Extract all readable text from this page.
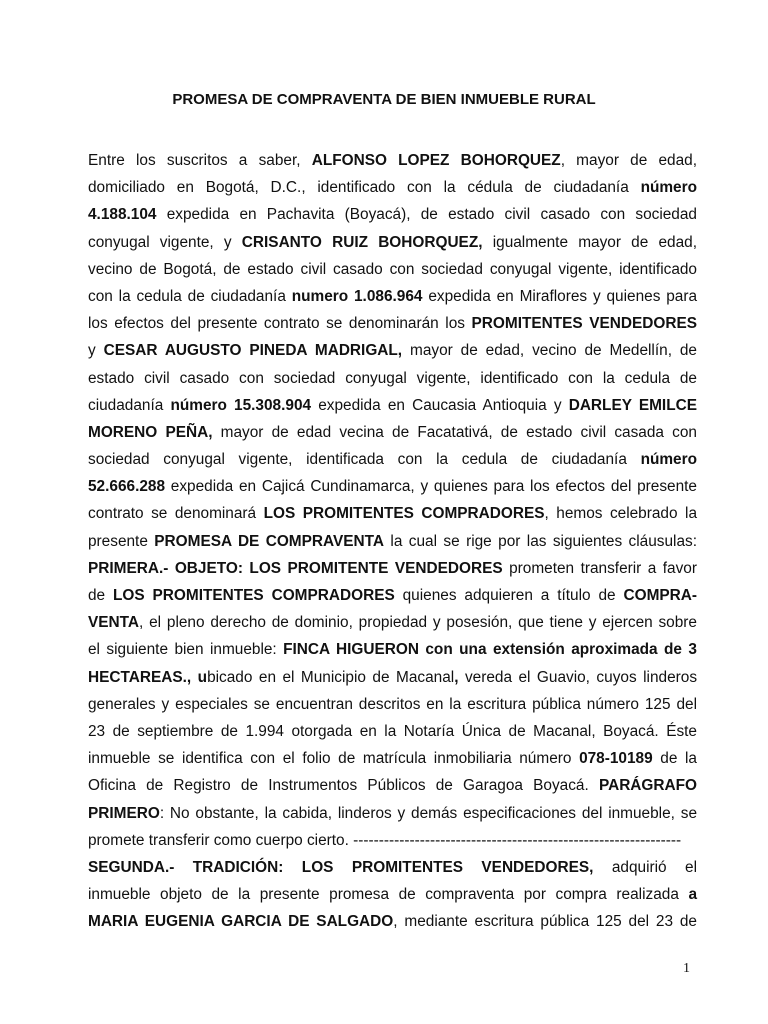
PROMESA DE COMPRAVENTA DE BIEN INMUEBLE RURAL
Entre los suscritos a saber, ALFONSO LOPEZ BOHORQUEZ, mayor de edad,
domiciliado en Bogotá, D.C., identificado con la cédula de ciudadanía número
4.188.104 expedida en Pachavita (Boyacá), de estado civil casado con sociedad
conyugal vigente, y CRISANTO RUIZ BOHORQUEZ, igualmente mayor de edad,
vecino de Bogotá, de estado civil casado con sociedad conyugal vigente, identificado
con la cedula de ciudadanía numero 1.086.964 expedida en Miraflores y quienes para
los efectos del presente contrato se denominarán los PROMITENTES VENDEDORES
y CESAR AUGUSTO PINEDA MADRIGAL, mayor de edad, vecino de Medellín, de
estado civil casado con sociedad conyugal vigente, identificado con la cedula de
ciudadanía número 15.308.904 expedida en Caucasia Antioquia y DARLEY EMILCE
MORENO PEÑA, mayor de edad vecina de Facatativá, de estado civil casada con
sociedad conyugal vigente, identificada con la cedula de ciudadanía número
52.666.288 expedida en Cajicá Cundinamarca, y quienes para los efectos del presente
contrato se denominará LOS PROMITENTES COMPRADORES, hemos celebrado la
presente PROMESA DE COMPRAVENTA la cual se rige por las siguientes cláusulas:
PRIMERA.- OBJETO: LOS PROMITENTE VENDEDORES prometen transferir a favor
de LOS PROMITENTES COMPRADORES quienes adquieren a título de COMPRA-
VENTA, el pleno derecho de dominio, propiedad y posesión, que tiene y ejercen sobre
el siguiente bien inmueble: FINCA HIGUERON con una extensión aproximada de 3
HECTAREAS., ubicado en el Municipio de Macanal, vereda el Guavio, cuyos linderos
generales y especiales se encuentran descritos en la escritura pública número 125 del
23 de septiembre de 1.994 otorgada en la Notaría Única de Macanal, Boyacá. Éste
inmueble se identifica con el folio de matrícula inmobiliaria número 078-10189 de la
Oficina de Registro de Instrumentos Públicos de Garagoa Boyacá. PARÁGRAFO
PRIMERO: No obstante, la cabida, linderos y demás especificaciones del inmueble, se
promete transferir como cuerpo cierto. ----------------------------------------------------------------
SEGUNDA.- TRADICIÓN: LOS PROMITENTES VENDEDORES, adquirió el
inmueble objeto de la presente promesa de compraventa por compra realizada a
MARIA EUGENIA GARCIA DE SALGADO, mediante escritura pública 125 del 23 de
1
